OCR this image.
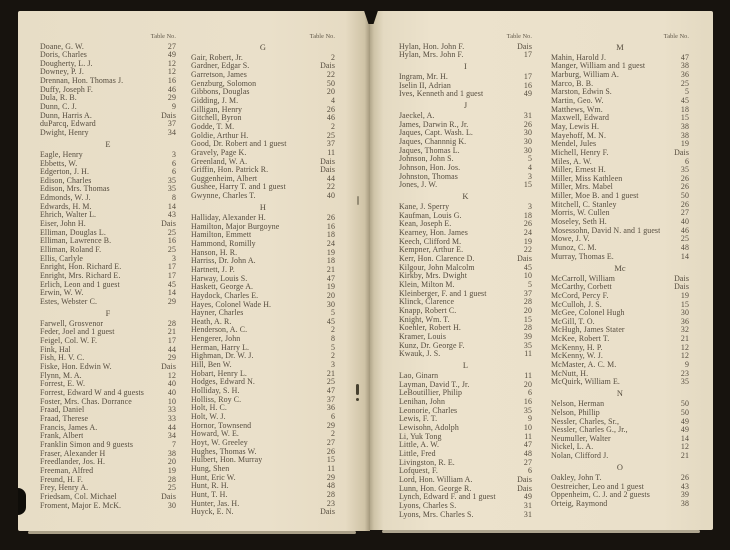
Table No.
Doane, G. W.	27
Doris, Charles	49
Dougherty, L. J.	12
Downey, P. J.	12
Drennan, Hon. Thomas J.	16
Duffy, Joseph F.	46
Dula, R. B.	29
Dunn, C. J.	9
Dunn, Harris A.	Dais
duParcq, Edward	37
Dwight, Henry	34
E
Eagle, Henry	3
Ebbetts, W.	6
Edgerton, J. H.	6
Edison, Charles	35
Edison, Mrs. Thomas	35
Edmonds, W. J.	8
Edwards, H. M.	14
Ehrich, Walter L.	43
Eiser, John H.	Dais
Elliman, Douglas L.	25
Elliman, Lawrence B.	16
Elliman, Roland F.	25
Ellis, Carlyle	3
Enright, Hon. Richard E.	17
Enright, Mrs. Richard E.	17
Erlich, Leon and 1 guest	45
Erwin, W. W.	14
Estes, Webster C.	29
F
Farwell, Grosvenor	28
Feder, Joel and 1 guest	21
Feigel, Col. W. F.	17
Fink, Hal	44
Fish, H. V. C.	29
Fiske, Hon. Edwin W.	Dais
Flynn, M. A.	12
Forrest, E. W.	40
Forrest, Edward W and 4 guests	40
Foster, Mrs. Chas. Dorrance	10
Fraad, Daniel	33
Fraad, Therese	33
Francis, James A.	44
Frank, Albert	34
Franklin Simon and 9 guests	7
Fraser, Alexander H	38
Freedlander, Jos. H.	20
Freeman, Alfred	19
Freund, H. F.	28
Frey, Henry A.	25
Friedsam, Col. Michael	Dais
Froment, Major E. McK.	30
Table No.
G
Gair, Robert, Jr.	2
Gardner, Edgar S.	Dais
Garretson, James	22
Genzburg, Solomon	50
Gibbons, Douglas	20
Gidding, J. M.	4
Gilligan, Henry	26
Gitchell, Byron	46
Godde, T. M.	2
Goldie, Arthur H.	25
Good, Dr. Robert and 1 guest	37
Gravely, Page K.	11
Greenland, W. A.	Dais
Griffin, Hon. Patrick R.	Dais
Guggenheim, Albert	44
Gushee, Harry T. and 1 guest	22
Gwynne, Charles T.	40
H
Halliday, Alexander H.	26
Hamilton, Major Burgoyne	16
Hamilton, Emmett	18
Hammond, Romilly	24
Hanson, H. R.	19
Harriss, Dr. John A.	18
Hartnett, J. P.	21
Harway, Louis S.	47
Haskett, George A.	19
Haydock, Charles E.	20
Hayes, Colonel Wade H.	30
Hayner, Charles	5
Heath, A. R.	45
Henderson, A. C.	2
Hengerer, John	8
Herman, Harry L.	5
Highman, Dr. W. J.	2
Hill, Ben W.	3
Hobart, Henry L.	21
Hodges, Edward N.	25
Holliday, S. H.	47
Holliss, Roy C.	37
Holt, H. C.	36
Holt, W. J.	6
Hornor, Townsend	29
Howard, W. E.	2
Hoyt, W. Greeley	27
Hughes, Thomas W.	26
Hulbert, Hon. Murray	15
Hung, Shen	11
Hunt, Eric W.	29
Hunt, R. H.	48
Hunt, T. H.	28
Hunter, Jas. H.	23
Huyck, E. N.	Dais
Table No.
Hylan, Hon. John F.	Dais
Hylan, Mrs. John F.	17
I
Ingram, Mr. H.	17
Iselin II, Adrian	16
Ives, Kenneth and 1 guest	49
J
Jaeckel, A.	31
James, Darwin R., Jr.	26
Jaques, Capt. Wash. L.	30
Jaques, Channnig K.	30
Jaques, Thomas L.	30
Johnson, John S.	5
Johnson, Hon. Jos.	4
Johnston, Thomas	3
Jones, J. W.	15
K
Kane, J. Sperry	3
Kaufman, Louis G.	18
Kean, Joseph E.	26
Kearney, Hon. James	24
Keech, Clifford M.	19
Kempner, Arthur E.	22
Kerr, Hon. Clarence D.	Dais
Kilgour, John Malcolm	45
Kirkby, Mrs. Dwight	10
Klein, Milton M.	5
Kleinberger, F. and 1 guest	37
Klinck, Clarence	28
Knapp, Robert C.	20
Knight, Wm. T.	15
Koehler, Robert H.	28
Kramer, Louis	39
Kunz, Dr. George F.	35
Kwauk, J. S.	11
L
Lao, Ginarn	11
Layman, David T., Jr.	20
LeBoutillier, Philip	6
Lenihan, John	16
Leonorie, Charles	35
Lewis, F. T.	9
Lewisohn, Adolph	10
Li, Yuk Tong	11
Little, A. W.	47
Little, Fred	48
Livingston, R. E.	27
Lofquest, F.	6
Lord, Hon. William A.	Dais
Lunn, Hon. George R.	Dais
Lynch, Edward F. and 1 guest	49
Lyons, Charles S.	31
Lyons, Mrs. Charles S.	31
Table No.
M
Mahin, Harold J.	47
Manger, William and 1 guest	38
Marburg, William A.	36
Marco, B. B.	25
Marston, Edwin S.	5
Martin, Geo. W.	45
Matthews, Wm.	18
Maxwell, Edward	15
May, Lewis H.	38
Mayehoff, M. N.	38
Mendel, Jules	19
Michell, Henry F.	Dais
Miles, A. W.	6
Miller, Ernest H.	35
Miller, Miss Kathleen	26
Miller, Mrs. Mabel	26
Miller, Moe B. and 1 guest	50
Mitchell, C. Stanley	26
Morris, W. Cullen	27
Moseley, Seth H.	40
Mosessohn, David N. and 1 guest	46
Mowe, J. V.	25
Munoz, C. M.	48
Murray, Thomas E.	14
Mc
McCarroll, William	Dais
McCarthy, Corbett	Dais
McCord, Percy F.	19
McCulloh, J. S.	15
McGee, Colonel Hugh	30
McGill, T. O.	36
McHugh, James Stater	32
McKee, Robert T.	21
McKenny, H. P.	12
McKenny, W. J.	12
McMaster, A. C. M.	9
McNutt, H.	23
McQuirk, William E.	35
N
Nelson, Herman	50
Nelson, Phillip	50
Nessler, Charles, Sr.,	49
Nessler, Charles G., Jr.,	49
Neumuller, Walter	14
Nickel, L. A.	12
Nolan, Clifford J.	21
O
Oakley, John T.	26
Oestreicher, Leo and 1 guest	43
Oppenheim, C. J. and 2 guests	39
Orteig, Raymond	38
